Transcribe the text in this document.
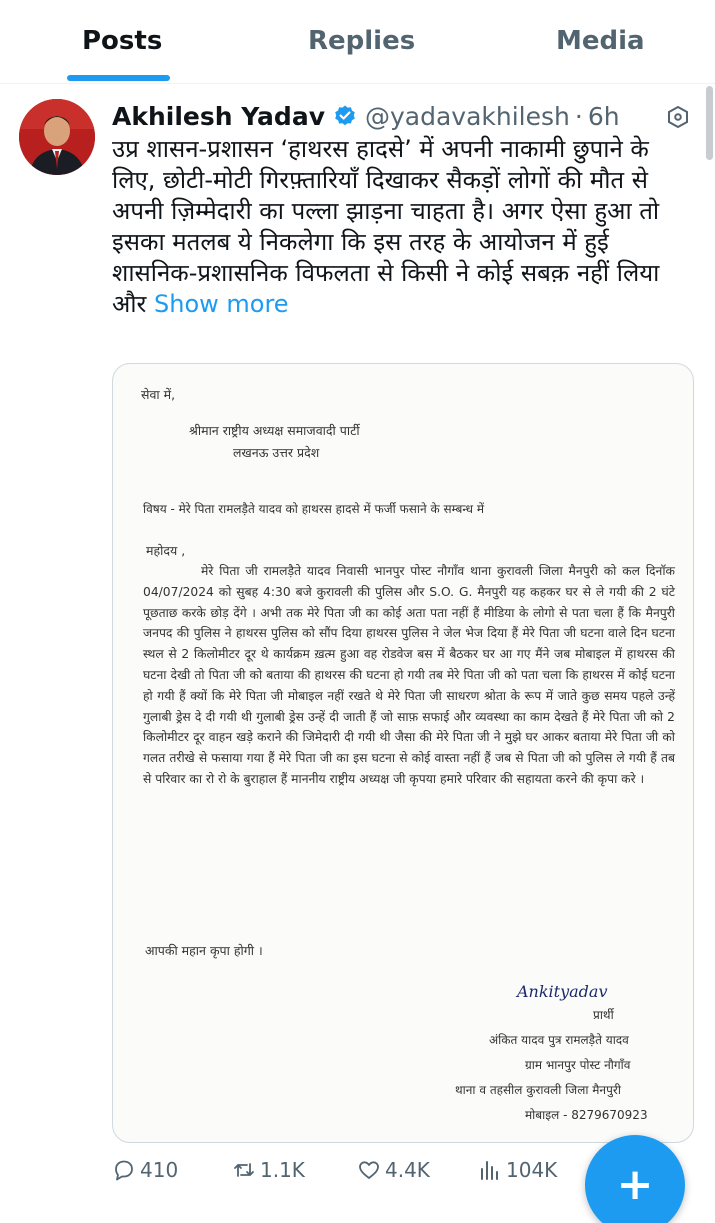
Posts	Replies	Media
Akhilesh Yadav @yadavakhilesh · 6h
उप्र शासन-प्रशासन ‘हाथरस हादसे’ में अपनी नाकामी छुपाने के लिए, छोटी-मोटी गिरफ़्तारियाँ दिखाकर सैकड़ों लोगों की मौत से अपनी ज़िम्मेदारी का पल्ला झाड़ना चाहता है। अगर ऐसा हुआ तो इसका मतलब ये निकलेगा कि इस तरह के आयोजन में हुई शासनिक-प्रशासनिक विफलता से किसी ने कोई सबक़ नहीं लिया और Show more
सेवा में,
श्रीमान राष्ट्रीय अध्यक्ष समाजवादी पार्टी
लखनऊ उत्तर प्रदेश
विषय - मेरे पिता रामलड़ैते यादव को हाथरस हादसे में फर्जी फसाने के सम्बन्ध में
महोदय ,
मेरे पिता जी रामलड़ैते यादव निवासी भानपुर पोस्ट नौगाँव थाना कुरावली जिला मैनपुरी को कल दिनॉक 04/07/2024 को सुबह 4:30 बजे कुरावली की पुलिस और S.O. G. मैनपुरी यह कहकर घर से ले गयी की 2 घंटे पूछताछ करके छोड़ देंगे । अभी तक मेरे पिता जी का कोई अता पता नहीं हैं मीडिया के लोगो से पता चला हैं कि मैनपुरी जनपद की पुलिस ने हाथरस पुलिस को सौंप दिया हाथरस पुलिस ने जेल भेज दिया हैं मेरे पिता जी घटना वाले दिन घटना स्थल से 2 किलोमीटर दूर थे कार्यक्रम ख़त्म हुआ वह रोडवेज बस में बैठकर घर आ गए मैंने जब मोबाइल में हाथरस की घटना देखी तो पिता जी को बताया की हाथरस की घटना हो गयी तब मेरे पिता जी को पता चला कि हाथरस में कोई घटना हो गयी हैं क्यों कि मेरे पिता जी मोबाइल नहीं रखते थे मेरे पिता जी साधरण श्रोता के रूप में जाते कुछ समय पहले उन्हें गुलाबी ड्रेस दे दी गयी थी गुलाबी ड्रेस उन्हें दी जाती हैं जो साफ़ सफाई और व्यवस्था का काम देखते हैं मेरे पिता जी को 2 किलोमीटर दूर वाहन खड़े कराने की जिमेदारी दी गयी थी जैसा की मेरे पिता जी ने मुझे घर आकर बताया मेरे पिता जी को गलत तरीखे से फसाया गया हैं मेरे पिता जी का इस घटना से कोई वास्ता नहीं हैं जब से पिता जी को पुलिस ले गयी हैं तब से परिवार का रो रो के बुराहाल हैं माननीय राष्ट्रीय अध्यक्ष जी कृपया हमारे परिवार की सहायता करने की कृपा करे ।
आपकी महान कृपा होगी ।
Ankityadav
प्रार्थी
अंकित यादव पुत्र रामलड़ैते यादव
ग्राम भानपुर पोस्ट नौगाँव
थाना व तहसील कुरावली जिला मैनपुरी
मोबाइल - 8279670923
410	1.1K	4.4K	104K +
